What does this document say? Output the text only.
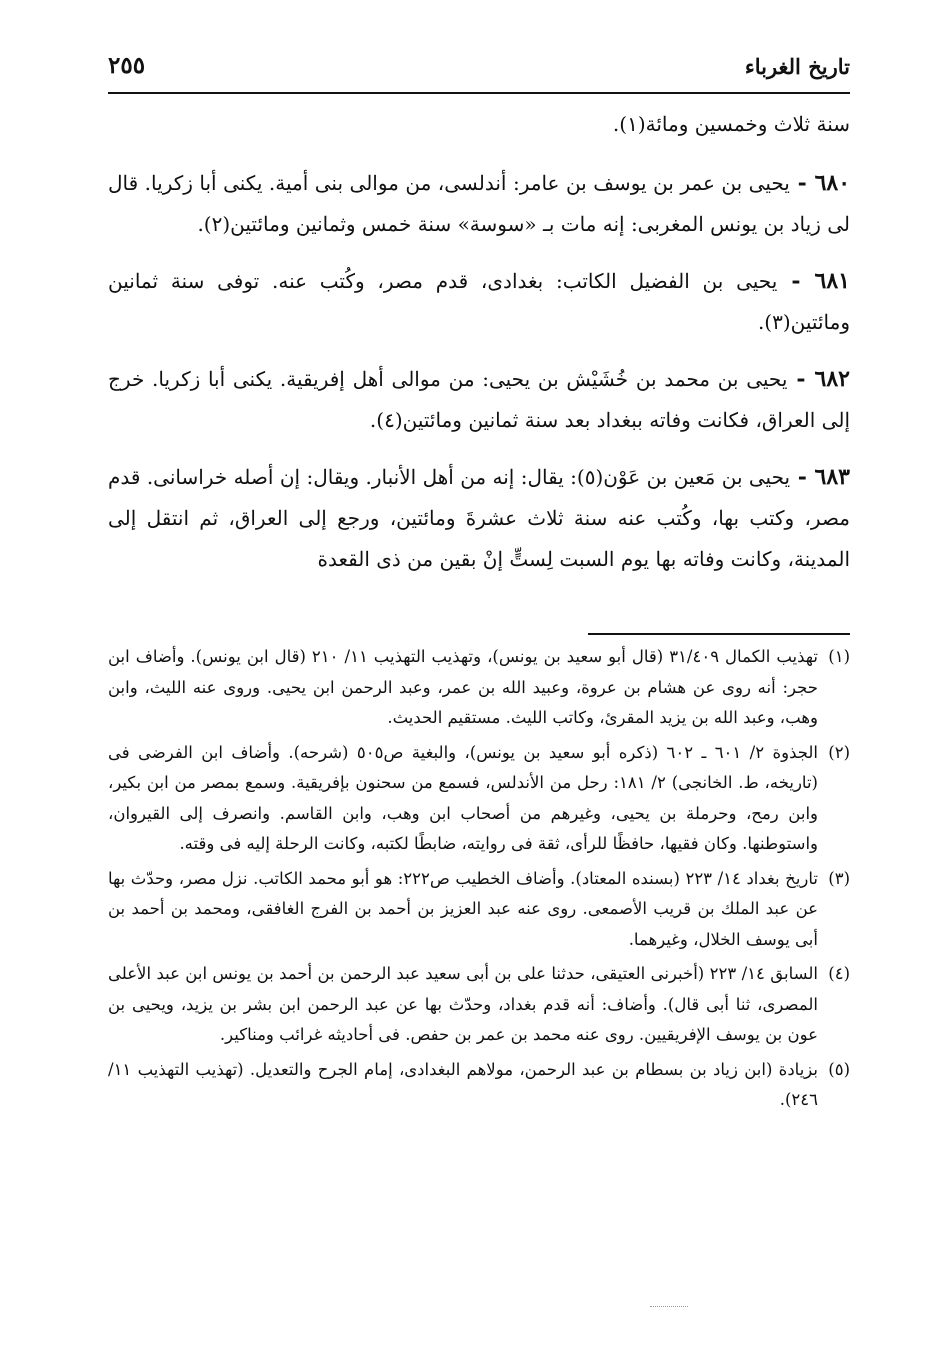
تاريخ الغرباء
٢٥٥

سنة ثلاث وخمسين ومائة(١).

٦٨٠ - يحيى بن عمر بن يوسف بن عامر: أندلسى، من موالى بنى أمية. يكنى أبا زكريا. قال لى زياد بن يونس المغربى: إنه مات بـ «سوسة» سنة خمس وثمانين ومائتين(٢).

٦٨١ - يحيى بن الفضيل الكاتب: بغدادى، قدم مصر، وكُتب عنه. توفى سنة ثمانين ومائتين(٣).

٦٨٢ - يحيى بن محمد بن خُشَيْش بن يحيى: من موالى أهل إفريقية. يكنى أبا زكريا. خرج إلى العراق، فكانت وفاته ببغداد بعد سنة ثمانين ومائتين(٤).

٦٨٣ - يحيى بن مَعين بن عَوْن(٥): يقال: إنه من أهل الأنبار. ويقال: إن أصله خراسانى. قدم مصر، وكتب بها، وكُتب عنه سنة ثلاث عشرةَ ومائتين، ورجع إلى العراق، ثم انتقل إلى المدينة، وكانت وفاته بها يوم السبت لِستٍّ إنْ بقين من ذى القعدة

(١)
تهذيب الكمال ٣١/٤٠٩ (قال أبو سعيد بن يونس)، وتهذيب التهذيب ١١/ ٢١٠ (قال ابن يونس). وأضاف ابن حجر: أنه روى عن هشام بن عروة، وعبيد الله بن عمر، وعبد الرحمن ابن يحيى. وروى عنه الليث، وابن وهب، وعبد الله بن يزيد المقرئ، وكاتب الليث. مستقيم الحديث.

(٢)
الجذوة ٢/ ٦٠١ ـ ٦٠٢ (ذكره أبو سعيد بن يونس)، والبغية ص٥٠٥ (شرحه). وأضاف ابن الفرضى فى (تاريخه، ط. الخانجى) ٢/ ١٨١: رحل من الأندلس، فسمع من سحنون بإفريقية. وسمع بمصر من ابن بكير، وابن رمح، وحرملة بن يحيى، وغيرهم من أصحاب ابن وهب، وابن القاسم. وانصرف إلى القيروان، واستوطنها. وكان فقيها، حافظًا للرأى، ثقة فى روايته، ضابطًا لكتبه، وكانت الرحلة إليه فى وقته.

(٣)
تاريخ بغداد ١٤/ ٢٢٣ (بسنده المعتاد). وأضاف الخطيب ص٢٢٢: هو أبو محمد الكاتب. نزل مصر، وحدّث بها عن عبد الملك بن قريب الأصمعى. روى عنه عبد العزيز بن أحمد بن الفرج الغافقى، ومحمد بن أحمد بن أبى يوسف الخلال، وغيرهما.

(٤)
السابق ١٤/ ٢٢٣ (أخبرنى العتيقى، حدثنا على بن أبى سعيد عبد الرحمن بن أحمد بن يونس ابن عبد الأعلى المصرى، ثنا أبى قال). وأضاف: أنه قدم بغداد، وحدّث بها عن عبد الرحمن ابن بشر بن يزيد، ويحيى بن عون بن يوسف الإفريقيين. روى عنه محمد بن عمر بن حفص. فى أحاديثه غرائب ومناكير.

(٥)
بزيادة (ابن زياد بن بسطام بن عبد الرحمن، مولاهم البغدادى، إمام الجرح والتعديل. (تهذيب التهذيب ١١/ ٢٤٦).
